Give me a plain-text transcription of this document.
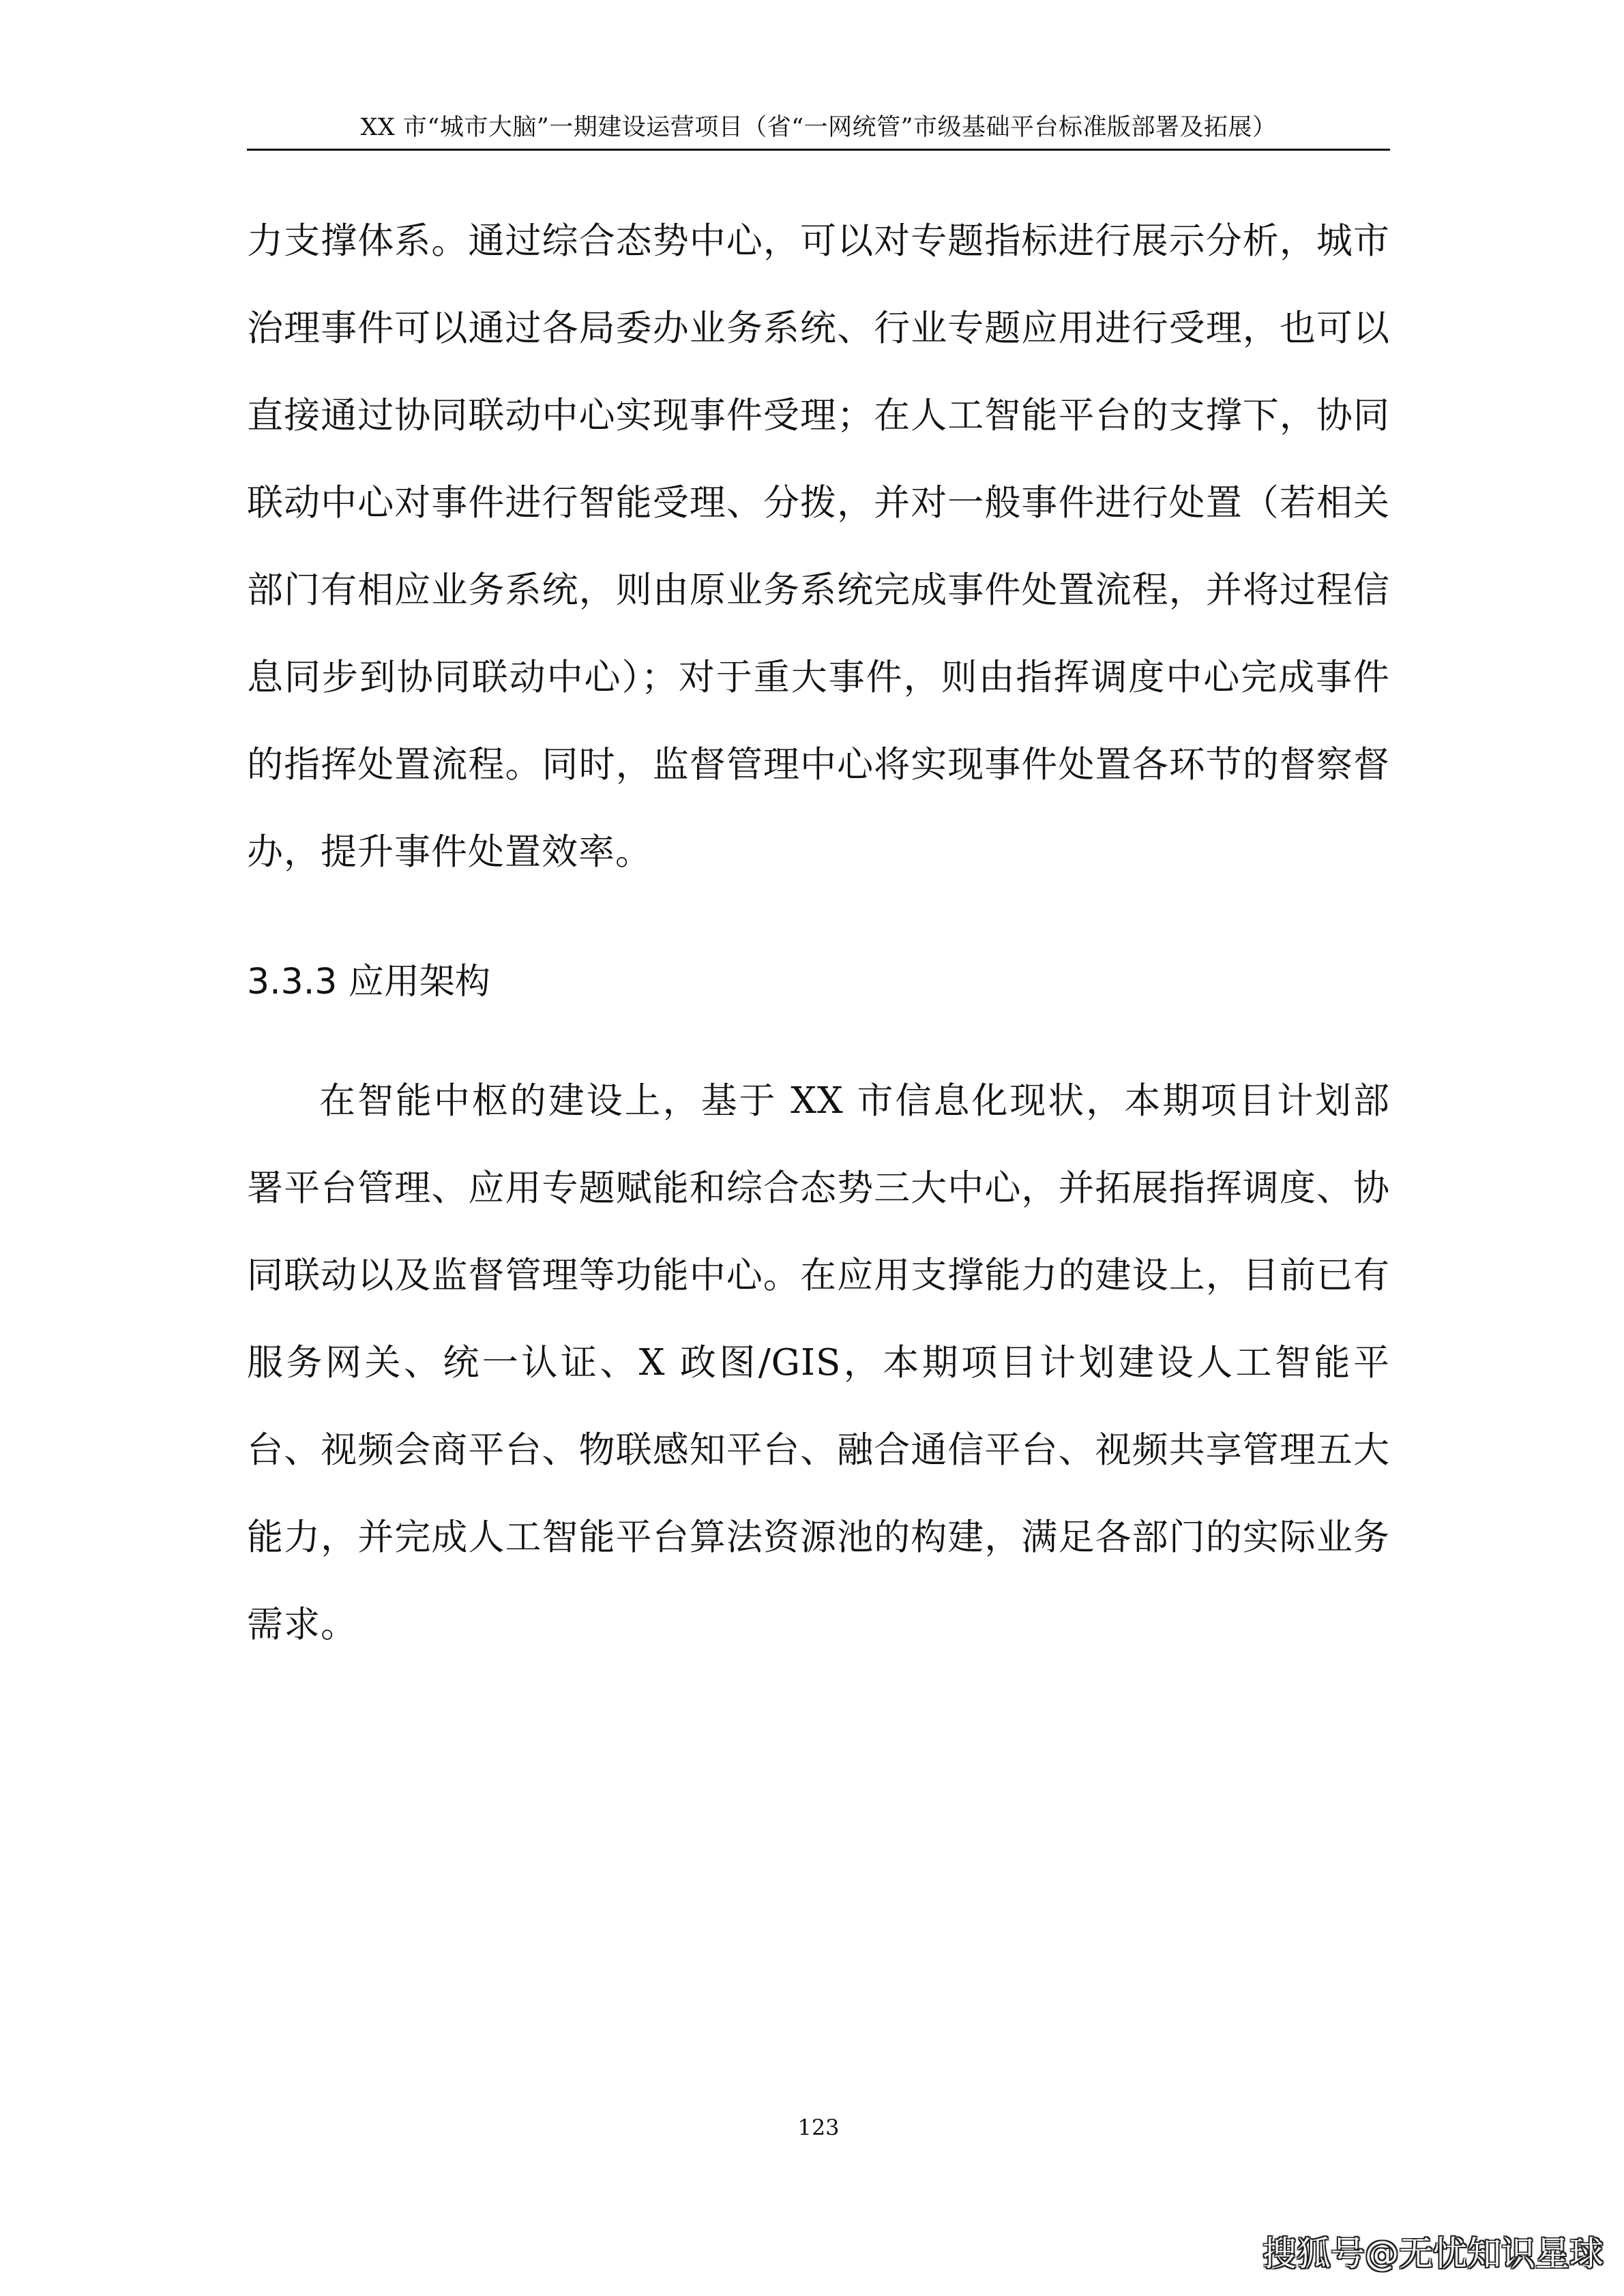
XX 市“城市大脑”一期建设运营项目（省“一网统管”市级基础平台标准版部署及拓展）

力支撑体系。通过综合态势中心，可以对专题指标进行展示分析，城市治理事件可以通过各局委办业务系统、行业专题应用进行受理，也可以直接通过协同联动中心实现事件受理；在人工智能平台的支撑下，协同联动中心对事件进行智能受理、分拨，并对一般事件进行处置（若相关部门有相应业务系统，则由原业务系统完成事件处置流程，并将过程信息同步到协同联动中心）；对于重大事件，则由指挥调度中心完成事件的指挥处置流程。同时，监督管理中心将实现事件处置各环节的督察督办，提升事件处置效率。

3.3.3 应用架构

在智能中枢的建设上，基于 XX 市信息化现状，本期项目计划部署平台管理、应用专题赋能和综合态势三大中心，并拓展指挥调度、协同联动以及监督管理等功能中心。在应用支撑能力的建设上，目前已有服务网关、统一认证、X 政图/GIS，本期项目计划建设人工智能平台、视频会商平台、物联感知平台、融合通信平台、视频共享管理五大能力，并完成人工智能平台算法资源池的构建，满足各部门的实际业务需求。

123
搜狐号@无忧知识星球
